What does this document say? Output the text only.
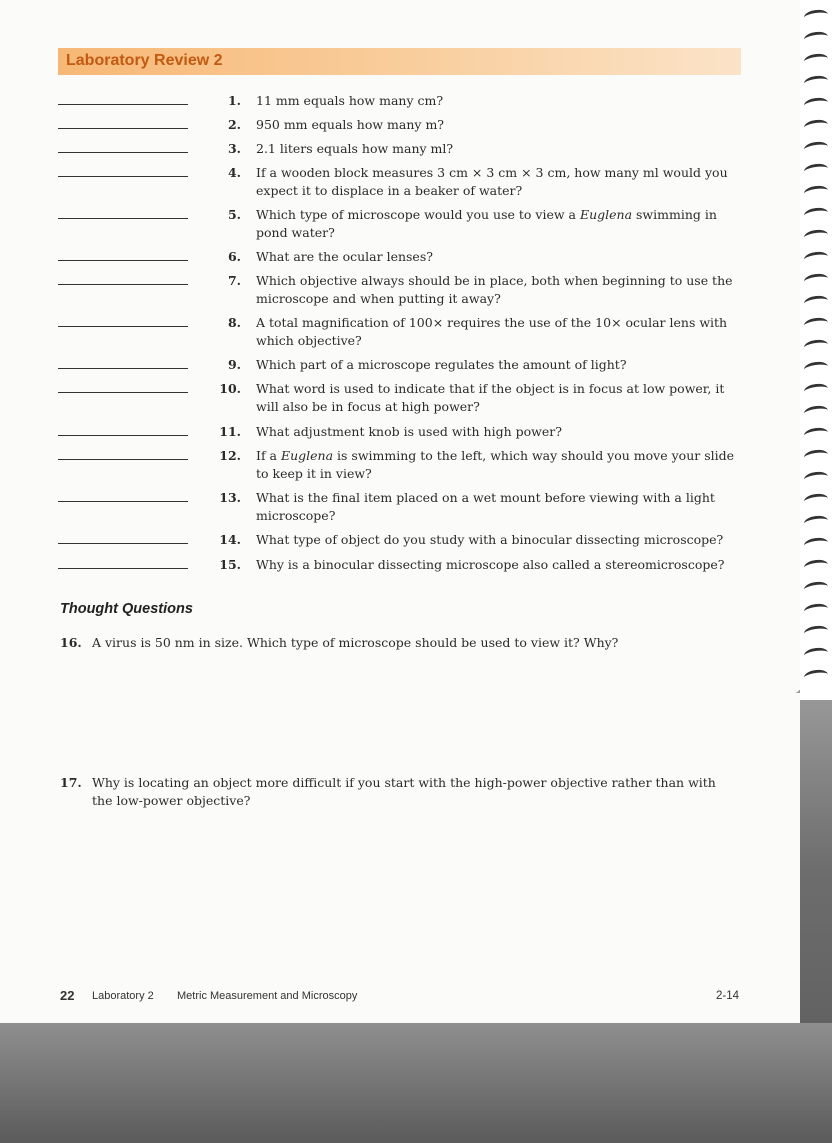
Laboratory Review 2
1. 11 mm equals how many cm?
2. 950 mm equals how many m?
3. 2.1 liters equals how many ml?
4. If a wooden block measures 3 cm × 3 cm × 3 cm, how many ml would you expect it to displace in a beaker of water?
5. Which type of microscope would you use to view a Euglena swimming in pond water?
6. What are the ocular lenses?
7. Which objective always should be in place, both when beginning to use the microscope and when putting it away?
8. A total magnification of 100× requires the use of the 10× ocular lens with which objective?
9. Which part of a microscope regulates the amount of light?
10. What word is used to indicate that if the object is in focus at low power, it will also be in focus at high power?
11. What adjustment knob is used with high power?
12. If a Euglena is swimming to the left, which way should you move your slide to keep it in view?
13. What is the final item placed on a wet mount before viewing with a light microscope?
14. What type of object do you study with a binocular dissecting microscope?
15. Why is a binocular dissecting microscope also called a stereomicroscope?
Thought Questions
16. A virus is 50 nm in size. Which type of microscope should be used to view it? Why?
17. Why is locating an object more difficult if you start with the high-power objective rather than with the low-power objective?
22 Laboratory 2 Metric Measurement and Microscopy	2-14
